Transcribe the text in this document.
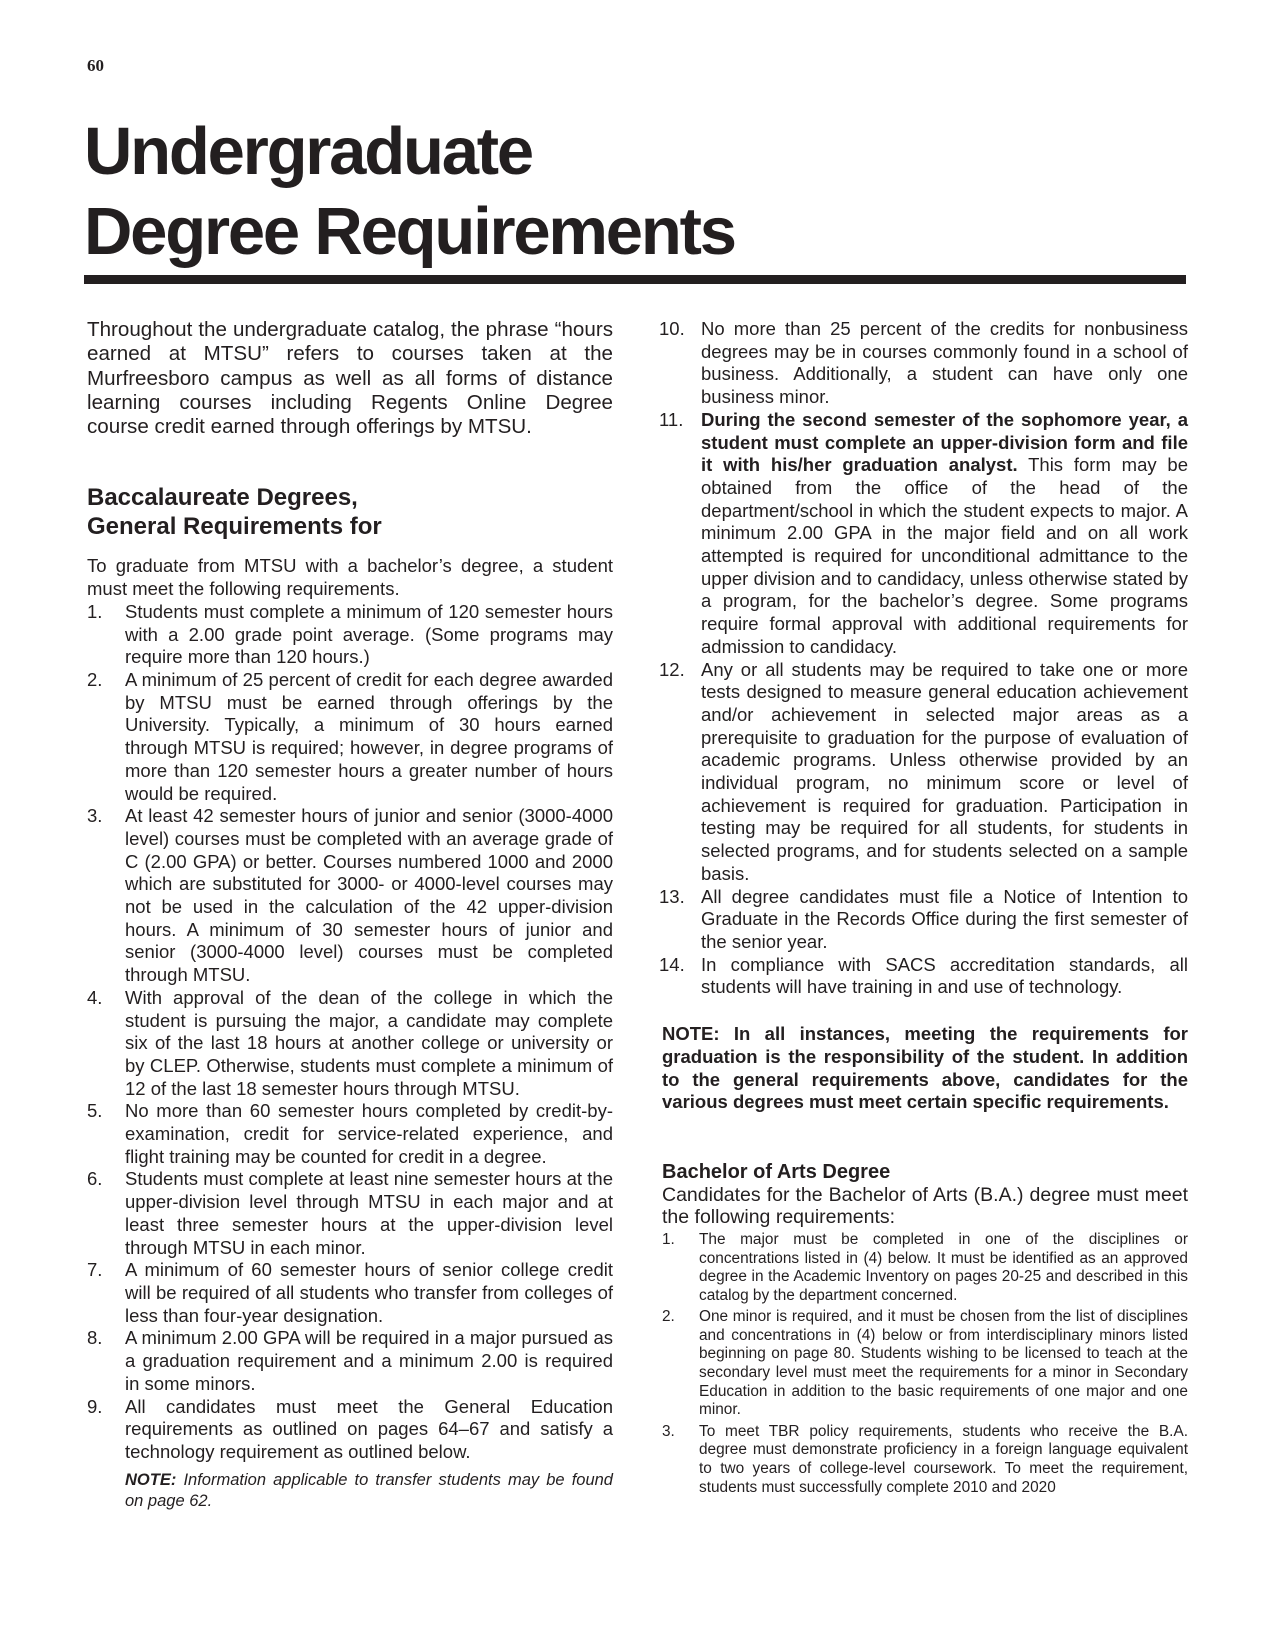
60
Undergraduate
Degree Requirements

Throughout the undergraduate catalog, the phrase “hours earned at MTSU” refers to courses taken at the Murfreesboro campus as well as all forms of distance learning courses including Regents Online Degree course credit earned through offerings by MTSU.

Baccalaureate Degrees,
General Requirements for

To graduate from MTSU with a bachelor’s degree, a student must meet the following requirements.

1. Students must complete a minimum of 120 semester hours with a 2.00 grade point average. (Some programs may require more than 120 hours.)
2. A minimum of 25 percent of credit for each degree awarded by MTSU must be earned through offerings by the University. Typically, a minimum of 30 hours earned through MTSU is required; however, in degree programs of more than 120 semester hours a greater number of hours would be required.
3. At least 42 semester hours of junior and senior (3000-4000 level) courses must be completed with an average grade of C (2.00 GPA) or better. Courses numbered 1000 and 2000 which are substituted for 3000- or 4000-level courses may not be used in the calculation of the 42 upper-division hours. A minimum of 30 semester hours of junior and senior (3000-4000 level) courses must be completed through MTSU.
4. With approval of the dean of the college in which the student is pursuing the major, a candidate may complete six of the last 18 hours at another college or university or by CLEP. Otherwise, students must complete a minimum of 12 of the last 18 semester hours through MTSU.
5. No more than 60 semester hours completed by credit-by-examination, credit for service-related experience, and flight training may be counted for credit in a degree.
6. Students must complete at least nine semester hours at the upper-division level through MTSU in each major and at least three semester hours at the upper-division level through MTSU in each minor.
7. A minimum of 60 semester hours of senior college credit will be required of all students who transfer from colleges of less than four-year designation.
8. A minimum 2.00 GPA will be required in a major pursued as a graduation requirement and a minimum 2.00 is required in some minors.
9. All candidates must meet the General Education requirements as outlined on pages 64–67 and satisfy a technology requirement as outlined below.
NOTE: Information applicable to transfer students may be found on page 62.
10. No more than 25 percent of the credits for nonbusiness degrees may be in courses commonly found in a school of business. Additionally, a student can have only one business minor.
11. During the second semester of the sophomore year, a student must complete an upper-division form and file it with his/her graduation analyst. This form may be obtained from the office of the head of the department/school in which the student expects to major. A minimum 2.00 GPA in the major field and on all work attempted is required for unconditional admittance to the upper division and to candidacy, unless otherwise stated by a program, for the bachelor’s degree. Some programs require formal approval with additional requirements for admission to candidacy.
12. Any or all students may be required to take one or more tests designed to measure general education achievement and/or achievement in selected major areas as a prerequisite to graduation for the purpose of evaluation of academic programs. Unless otherwise provided by an individual program, no minimum score or level of achievement is required for graduation. Participation in testing may be required for all students, for students in selected programs, and for students selected on a sample basis.
13. All degree candidates must file a Notice of Intention to Graduate in the Records Office during the first semester of the senior year.
14. In compliance with SACS accreditation standards, all students will have training in and use of technology.

NOTE: In all instances, meeting the requirements for graduation is the responsibility of the student. In addition to the general requirements above, candidates for the various degrees must meet certain specific requirements.

Bachelor of Arts Degree

Candidates for the Bachelor of Arts (B.A.) degree must meet the following requirements:

1. The major must be completed in one of the disciplines or concentrations listed in (4) below. It must be identified as an approved degree in the Academic Inventory on pages 20-25 and described in this catalog by the department concerned.
2. One minor is required, and it must be chosen from the list of disciplines and concentrations in (4) below or from interdisciplinary minors listed beginning on page 80. Students wishing to be licensed to teach at the secondary level must meet the requirements for a minor in Secondary Education in addition to the basic requirements of one major and one minor.
3. To meet TBR policy requirements, students who receive the B.A. degree must demonstrate proficiency in a foreign language equivalent to two years of college-level coursework. To meet the requirement, students must successfully complete 2010 and 2020
